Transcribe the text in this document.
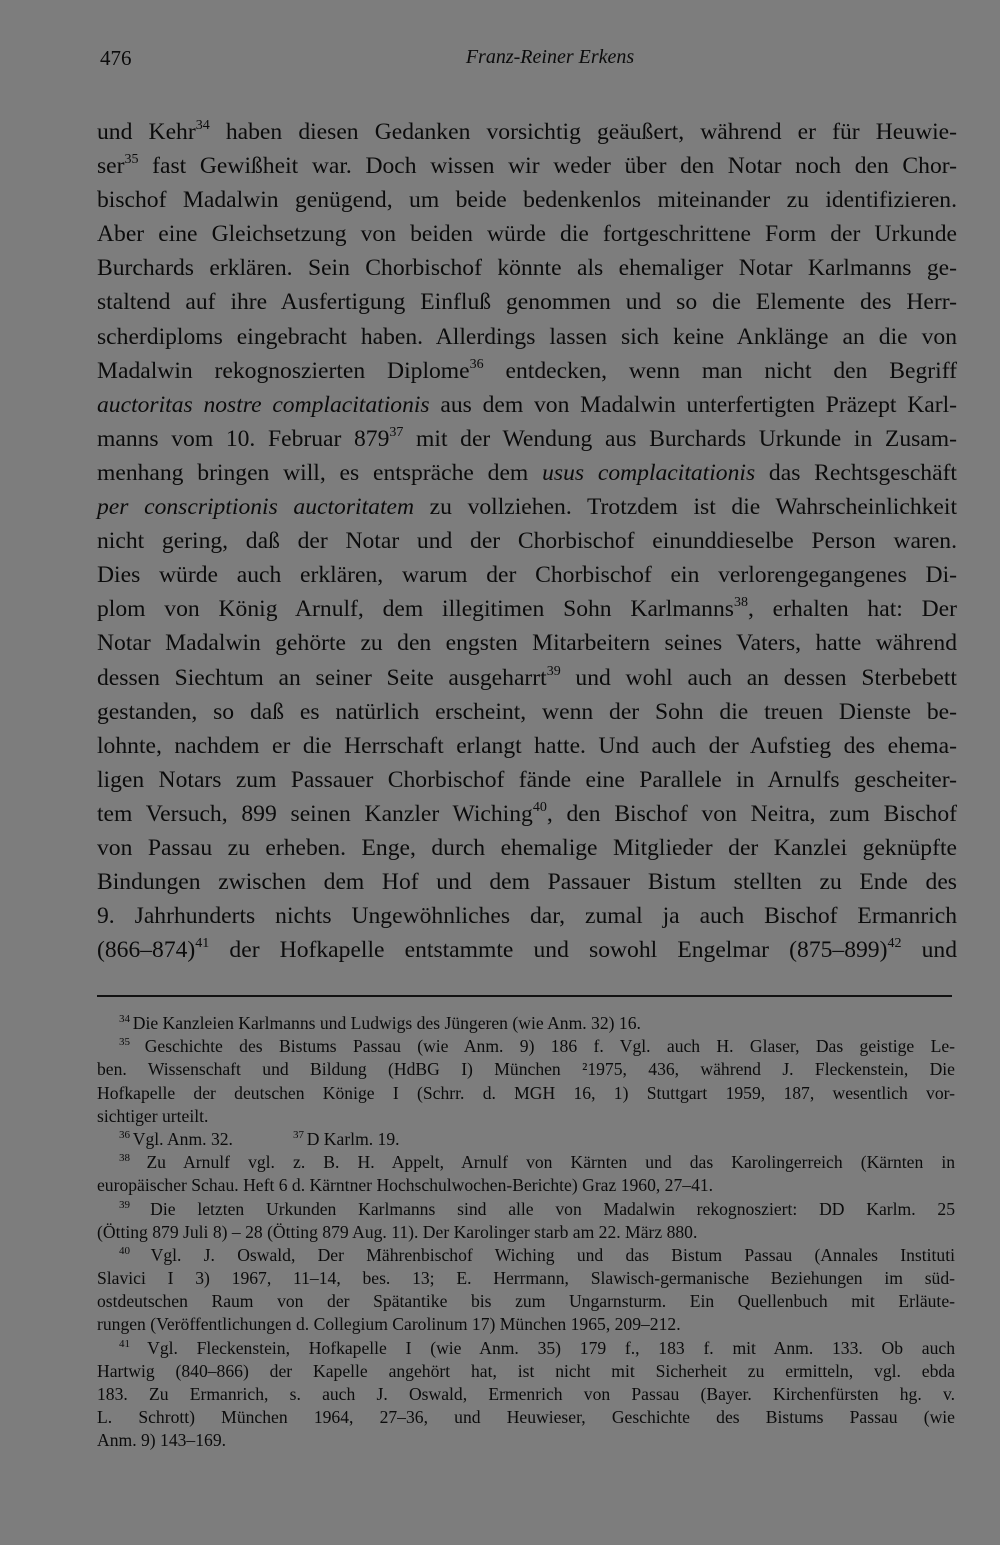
476	Franz-Reiner Erkens
und Kehr$^{34}$ haben diesen Gedanken vorsichtig geäußert, während er für Heuwie-
ser$^{35}$ fast Gewißheit war. Doch wissen wir weder über den Notar noch den Chor-
bischof Madalwin genügend, um beide bedenkenlos miteinander zu identifizieren.
Aber eine Gleichsetzung von beiden würde die fortgeschrittene Form der Urkunde
Burchards erklären. Sein Chorbischof könnte als ehemaliger Notar Karlmanns ge-
staltend auf ihre Ausfertigung Einfluß genommen und so die Elemente des Herr-
scherdiploms eingebracht haben. Allerdings lassen sich keine Anklänge an die von
Madalwin rekognoszierten Diplome$^{36}$ entdecken, wenn man nicht den Begriff
auctoritas nostre complacitationis aus dem von Madalwin unterfertigten Präzept Karl-
manns vom 10. Februar $879^{37}$ mit der Wendung aus Burchards Urkunde in Zusam-
menhang bringen will, es entspräche dem usus complacitationis das Rechtsgeschäft
per conscriptionis auctoritatem zu vollziehen. Trotzdem ist die Wahrscheinlichkeit
nicht gering, daß der Notar und der Chorbischof einunddieselbe Person waren.
Dies würde auch erklären, warum der Chorbischof ein verlorengegangenes Di-
plom von König Arnulf, dem illegitimen Sohn Karlmanns$^{38}$, erhalten hat: Der
Notar Madalwin gehörte zu den engsten Mitarbeitern seines Vaters, hatte während
dessen Siechtum an seiner Seite ausgeharrt$^{39}$ und wohl auch an dessen Sterbebett
gestanden, so daß es natürlich erscheint, wenn der Sohn die treuen Dienste be-
lohnte, nachdem er die Herrschaft erlangt hatte. Und auch der Aufstieg des ehema-
ligen Notars zum Passauer Chorbischof fände eine Parallele in Arnulfs gescheiter-
tem Versuch, 899 seinen Kanzler Wiching$^{40}$, den Bischof von Neitra, zum Bischof
von Passau zu erheben. Enge, durch ehemalige Mitglieder der Kanzlei geknüpfte
Bindungen zwischen dem Hof und dem Passauer Bistum stellten zu Ende des
9. Jahrhunderts nichts Ungewöhnliches dar, zumal ja auch Bischof Ermanrich
$(866-874)^{41}$ der Hofkapelle entstammte und sowohl Engelmar $(875-899)^{42}$ und
$^{34}$ Die Kanzleien Karlmanns und Ludwigs des Jüngeren (wie Anm. 32) 16.
$^{35}$ Geschichte des Bistums Passau (wie Anm. 9) 186 f. Vgl. auch H. Glaser, Das geistige Le-
ben. Wissenschaft und Bildung (HdBG I) München ²1975, 436, während J. Fleckenstein, Die
Hofkapelle der deutschen Könige I (Schrr. d. MGH 16, 1) Stuttgart 1959, 187, wesentlich vor-
sichtiger urteilt.
$^{36}$ Vgl. Anm. 32.	$^{37}$ D Karlm. 19.
$^{38}$ Zu Arnulf vgl. z. B. H. Appelt, Arnulf von Kärnten und das Karolingerreich (Kärnten in
europäischer Schau. Heft 6 d. Kärntner Hochschulwochen-Berichte) Graz 1960, 27–41.
$^{39}$ Die letzten Urkunden Karlmanns sind alle von Madalwin rekognosziert: DD Karlm. 25
(Ötting 879 Juli 8) – 28 (Ötting 879 Aug. 11). Der Karolinger starb am 22. März 880.
$^{40}$ Vgl. J. Oswald, Der Mährenbischof Wiching und das Bistum Passau (Annales Instituti
Slavici I 3) 1967, 11–14, bes. 13; E. Herrmann, Slawisch-germanische Beziehungen im süd-
ostdeutschen Raum von der Spätantike bis zum Ungarnsturm. Ein Quellenbuch mit Erläute-
rungen (Veröffentlichungen d. Collegium Carolinum 17) München 1965, 209–212.
$^{41}$ Vgl. Fleckenstein, Hofkapelle I (wie Anm. 35) 179 f., 183 f. mit Anm. 133. Ob auch
Hartwig (840–866) der Kapelle angehört hat, ist nicht mit Sicherheit zu ermitteln, vgl. ebda
183. Zu Ermanrich, s. auch J. Oswald, Ermenrich von Passau (Bayer. Kirchenfürsten hg. v.
L. Schrott) München 1964, 27–36, und Heuwieser, Geschichte des Bistums Passau (wie
Anm. 9) 143–169.
